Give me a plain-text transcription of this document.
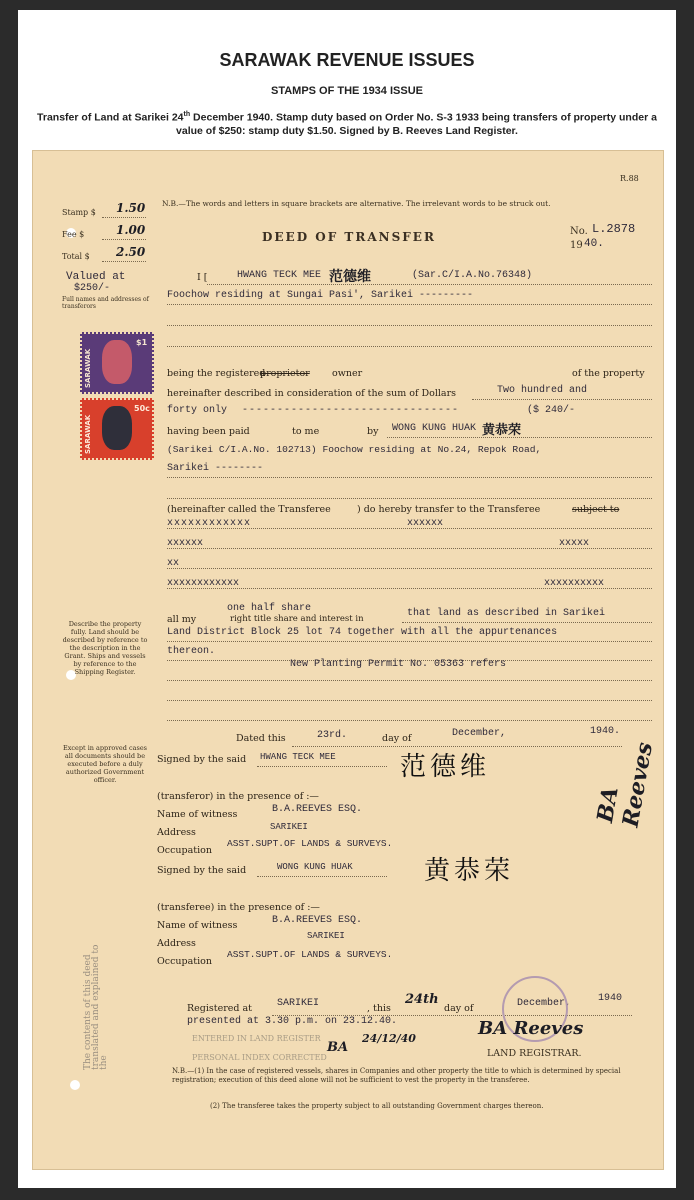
SARAWAK REVENUE ISSUES
STAMPS OF THE 1934 ISSUE
Transfer of Land at Sarikei 24th December 1940. Stamp duty based on Order No. S-3 1933 being transfers of property under a value of $250: stamp duty $1.50. Signed by B. Reeves Land Register.
R.88
N.B.—The words and letters in square brackets are alternative. The irrelevant words to be struck out.
Stamp $ 1.50
Fee $	1.00
Total $ 2.50
Valued at
$250/-
Full names and addresses of transferors
DEED OF TRANSFER	No. L.2878
19 40.
SARAWAK
$1
SARAWAK
50c
I [	HWANG TECK MEE 范德维	(Sar.C/I.A.No.76348)
Foochow residing at Sungai Pasi', Sarikei ---------
being the registered
proprietor owner	of the property
hereinafter described in consideration of the sum of Dollars	Two hundred and
forty only -------------------------------	($ 240/-
having been paid	to me	by WONG KUNG HUAK 黄恭荣
(Sarikei C/I.A.No. 102713) Foochow residing at No.24, Repok Road,
Sarikei --------
(hereinafter called the Transferee	) do hereby transfer to the Transferee	subject to
xxxxxxxxxxxx	xxxxxx
xxxxxx	xxxxx
xx
xxxxxxxxxxxx	xxxxxxxxxx
all my
one half share
right title share and interest in	that land as described in Sarikei
Land District Block 25 lot 74 together with all the appurtenances
thereon.
New Planting Permit No. 05363 refers
Describe the property fully. Land should be described by reference to the description in the Grant. Ships and vessels by reference to the Shipping Register.
Dated this	23rd.	day of	December,	1940.
Except in approved cases all documents should be executed before a duly authorized Government officer.
Signed by the said HWANG TECK MEE
(transferor) in the presence of :—
Name of witness	B.A.REEVES ESQ.
Address	SARIKEI
Occupation
ASST.SUPT.OF LANDS & SURVEYS.
Signed by the said	WONG KUNG HUAK
(transferee) in the presence of :—
Name of witness	B.A.REEVES ESQ.
Address
SARIKEI
Occupation
ASST.SUPT.OF LANDS & SURVEYS.
范德维
黄恭荣
BA Reeves
The contents of this deed translated and explained to the
Registered at	SARIKEI	, this
24th
day of	December,	1940
presented at 3.30 p.m. on 23.12.40.
ENTERED IN LAND REGISTER
PERSONAL INDEX CORRECTED
BA
24/12/40	BA Reeves
LAND REGISTRAR.
N.B.—(1) In the case of registered vessels, shares in Companies and other property the title to which is determined by special registration; execution of this deed alone will not be sufficient to vest the property in the transferee.
(2) The transferee takes the property subject to all outstanding Government charges thereon.
